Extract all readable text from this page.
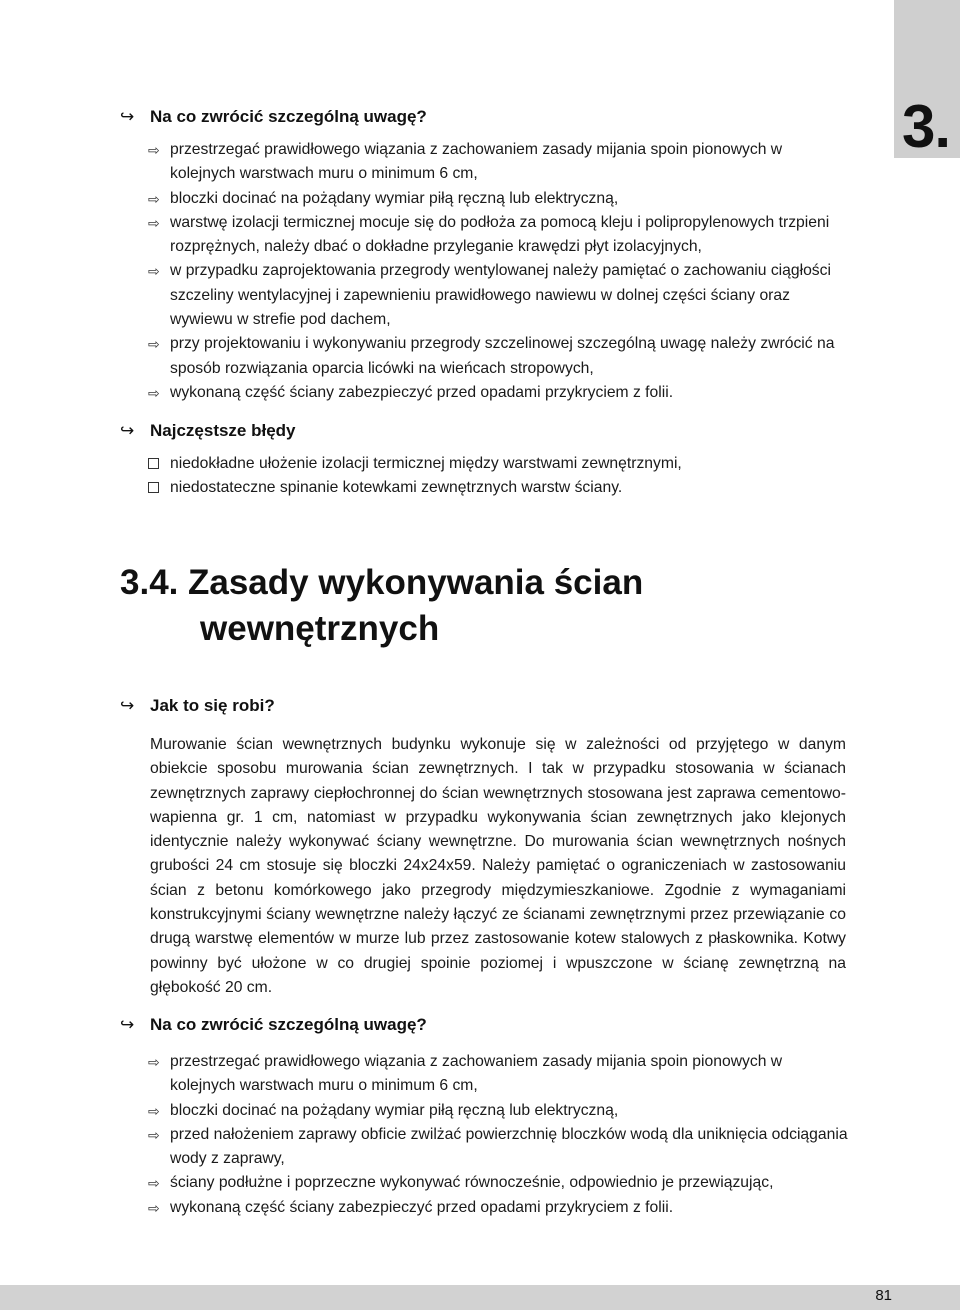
3.
↪ Na co zwrócić szczególną uwagę?
⇨ przestrzegać prawidłowego wiązania z zachowaniem zasady mijania spoin pionowych w kolejnych warstwach muru o minimum 6 cm,
⇨ bloczki docinać na pożądany wymiar piłą ręczną lub elektryczną,
⇨ warstwę izolacji termicznej mocuje się do podłoża za pomocą kleju i polipropylenowych trzpieni rozprężnych, należy dbać o dokładne przyleganie krawędzi płyt izolacyjnych,
⇨ w przypadku zaprojektowania przegrody wentylowanej należy pamiętać o zachowaniu ciągłości szczeliny wentylacyjnej i zapewnieniu prawidłowego nawiewu w dolnej części ściany oraz wywiewu w strefie pod dachem,
⇨ przy projektowaniu i wykonywaniu przegrody szczelinowej szczególną uwagę należy zwrócić na sposób rozwiązania oparcia licówki na wieńcach stropowych,
⇨ wykonaną część ściany zabezpieczyć przed opadami przykryciem z folii.
↪ Najczęstsze błędy
niedokładne ułożenie izolacji termicznej między warstwami zewnętrznymi,
niedostateczne spinanie kotewkami zewnętrznych warstw ściany.
3.4. Zasady wykonywania ścian
wewnętrznych
↪ Jak to się robi?

Murowanie ścian wewnętrznych budynku wykonuje się w zależności od przyjętego w danym obiekcie sposobu murowania ścian zewnętrznych. I tak w przypadku stosowania w ścianach zewnętrznych zaprawy ciepłochronnej do ścian wewnętrznych stosowana jest zaprawa cementowo-wapienna gr. 1 cm, natomiast w przypadku wykonywania ścian zewnętrznych jako klejonych identycznie należy wykonywać ściany wewnętrzne. Do murowania ścian wewnętrznych nośnych grubości 24 cm stosuje się bloczki 24x24x59. Należy pamiętać o ograniczeniach w zastosowaniu ścian z betonu komórkowego jako przegrody międzymieszkaniowe. Zgodnie z wymaganiami konstrukcyjnymi ściany wewnętrzne należy łączyć ze ścianami zewnętrznymi przez przewiązanie co drugą warstwę elementów w murze lub przez zastosowanie kotew stalowych z płaskownika. Kotwy powinny być ułożone w co drugiej spoinie poziomej i wpuszczone w ścianę zewnętrzną na głębokość 20 cm.

↪ Na co zwrócić szczególną uwagę?
⇨ przestrzegać prawidłowego wiązania z zachowaniem zasady mijania spoin pionowych w kolejnych warstwach muru o minimum 6 cm,
⇨ bloczki docinać na pożądany wymiar piłą ręczną lub elektryczną,
⇨ przed nałożeniem zaprawy obficie zwilżać powierzchnię bloczków wodą dla uniknięcia odciągania wody z zaprawy,
⇨ ściany podłużne i poprzeczne wykonywać równocześnie, odpowiednio je przewiązując,
⇨ wykonaną część ściany zabezpieczyć przed opadami przykryciem z folii.
81
